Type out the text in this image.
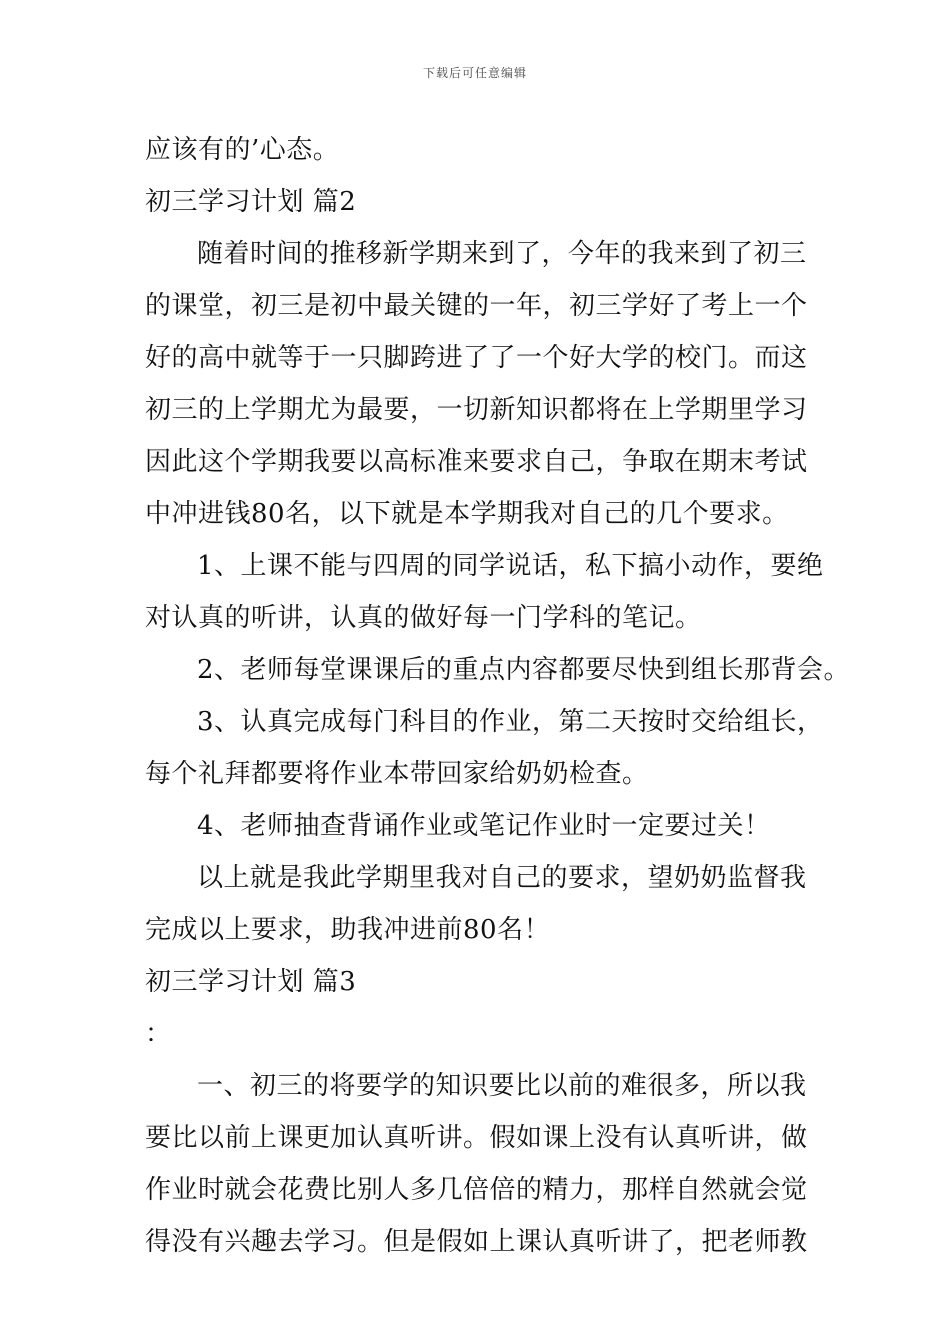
下载后可任意编辑
应该有的’心态。
初三学习计划 篇2
随着时间的推移新学期来到了，今年的我来到了初三
的课堂，初三是初中最关键的一年，初三学好了考上一个
好的高中就等于一只脚跨进了了一个好大学的校门。而这
初三的上学期尤为最要，一切新知识都将在上学期里学习
因此这个学期我要以高标准来要求自己，争取在期末考试
中冲进钱80名，以下就是本学期我对自己的几个要求。
1、上课不能与四周的同学说话，私下搞小动作，要绝
对认真的听讲，认真的做好每一门学科的笔记。
2、老师每堂课课后的重点内容都要尽快到组长那背会。
3、认真完成每门科目的作业，第二天按时交给组长，
每个礼拜都要将作业本带回家给奶奶检查。
4、老师抽查背诵作业或笔记作业时一定要过关！
以上就是我此学期里我对自己的要求，望奶奶监督我
完成以上要求，助我冲进前80名！
初三学习计划 篇3
：
一、初三的将要学的知识要比以前的难很多，所以我
要比以前上课更加认真听讲。假如课上没有认真听讲，做
作业时就会花费比别人多几倍倍的精力，那样自然就会觉
得没有兴趣去学习。但是假如上课认真听讲了，把老师教
